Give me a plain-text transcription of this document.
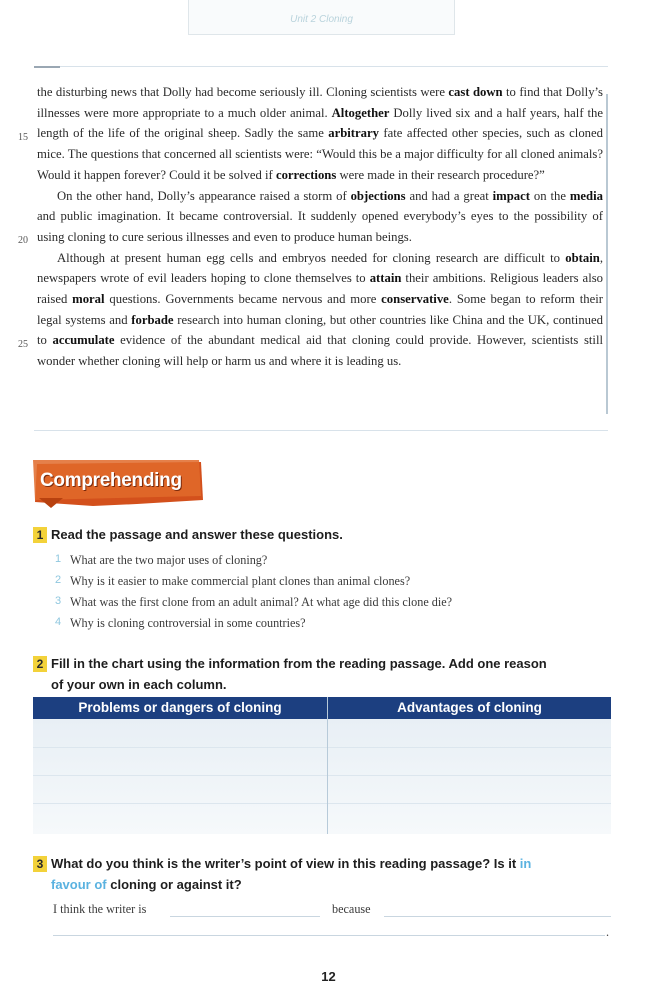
Unit 2 Cloning

the disturbing news that Dolly had become seriously ill. Cloning scientists were cast down to find that Dolly’s illnesses were more appropriate to a much older animal. Altogether Dolly lived six and a half years, half the length of the life of the original sheep. Sadly the same arbitrary fate affected other species, such as cloned mice. The questions that concerned all scientists were: “Would this be a major difficulty for all cloned animals? Would it happen forever? Could it be solved if corrections were made in their research procedure?”

On the other hand, Dolly’s appearance raised a storm of objections and had a great impact on the media and public imagination. It became controversial. It suddenly opened everybody’s eyes to the possibility of using cloning to cure serious illnesses and even to produce human beings.

Although at present human egg cells and embryos needed for cloning research are difficult to obtain, newspapers wrote of evil leaders hoping to clone themselves to attain their ambitions. Religious leaders also raised moral questions. Governments became nervous and more conservative. Some began to reform their legal systems and forbade research into human cloning, but other countries like China and the UK, continued to accumulate evidence of the abundant medical aid that cloning could provide. However, scientists still wonder whether cloning will help or harm us and where it is leading us.

15
20
25
Comprehending
1 Read the passage and answer these questions.
1 What are the two major uses of cloning?
2 Why is it easier to make commercial plant clones than animal clones?
3 What was the first clone from an adult animal? At what age did this clone die?
4 Why is cloning controversial in some countries?
2 Fill in the chart using the information from the reading passage. Add one reason
of your own in each column.
Problems or dangers of cloning	Advantages of cloning
3 What do you think is the writer’s point of view in this reading passage? Is it in
favour of cloning or against it?
I think the writer is	because
.
12
